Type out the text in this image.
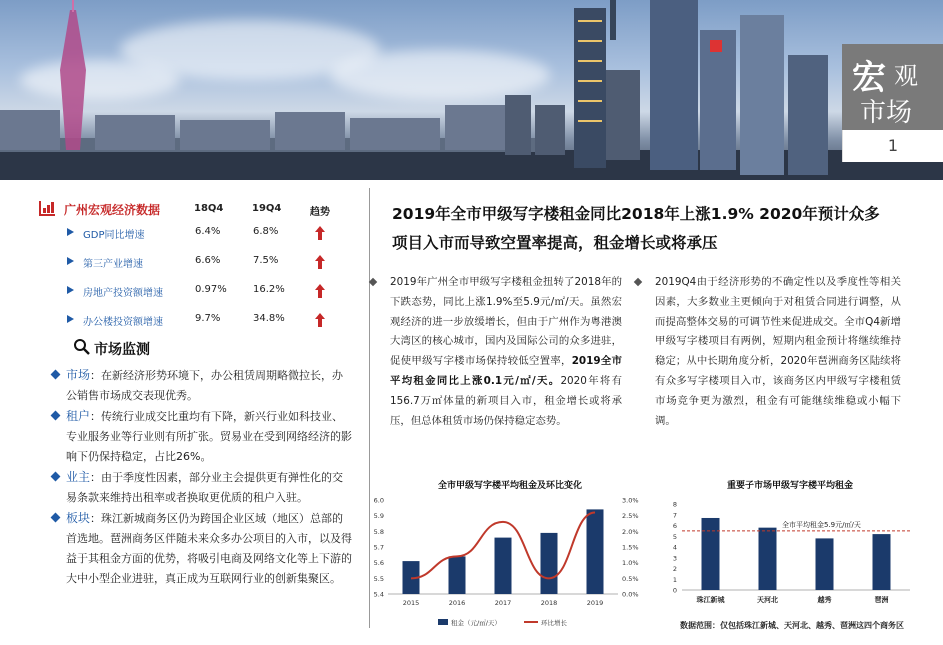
宏 观
市场
1
广州宏观经济数据	18Q4	19Q4	趋势
GDP同比增速	6.4%	6.8%
第三产业增速	6.6%	7.5%
房地产投资额增速	0.97%	16.2%
办公楼投资额增速	9.7%	34.8%
市场监测
市场：在新经济形势环境下，办公租赁周期略微拉长，办公销售市场成交表现优秀。
租户：传统行业成交比重均有下降，新兴行业如科技业、专业服务业等行业则有所扩张。贸易业在受到网络经济的影响下仍保持稳定，占比26%。
业主：由于季度性因素，部分业主会提供更有弹性化的交易条款来维持出租率或者换取更优质的租户入驻。
板块：珠江新城商务区仍为跨国企业区域（地区）总部的首选地。琶洲商务区伴随未来众多办公项目的入市，以及得益于其租金方面的优势，将吸引电商及网络文化等上下游的大中小型企业进驻，真正成为互联网行业的创新集聚区。
2019年全市甲级写字楼租金同比2018年上涨1.9% 2020年预计众多项目入市而导致空置率提高，租金增长或将承压
2019年广州全市甲级写字楼租金扭转了2018年的下跌态势，同比上涨1.9%至5.9元/㎡/天。虽然宏观经济的进一步放缓增长，但由于广州作为粤港澳大湾区的核心城市，国内及国际公司的众多进驻，促使甲级写字楼市场保持较低空置率，2019全市平均租金同比上涨0.1元/㎡/天。2020年将有156.7万㎡体量的新项目入市，租金增长或将承压，但总体租赁市场仍保持稳定态势。
2019Q4由于经济形势的不确定性以及季度性等相关因素，大多数业主更倾向于对租赁合同进行调整，从而提高整体交易的可调节性来促进成交。全市Q4新增甲级写字楼项目有两例，短期内租金预计将继续维持稳定；从中长期角度分析，2020年琶洲商务区陆续将有众多写字楼项目入市，该商务区内甲级写字楼租赁市场竞争更为激烈，租金有可能继续维稳或小幅下调。
全市甲级写字楼平均租金及环比变化
5.4
5.5
5.6
5.7
5.8
5.9
6.0
0.0%
0.5%
1.0%
1.5%
2.0%
2.5%
3.0%
2015	2016	2017	2018	2019
租金（元/㎡/天）	环比增长
重要子市场甲级写字楼平均租金
0
1
2
3
4
5
6
7
8
珠江新城	天河北	越秀	琶洲
全市平均租金5.9元/㎡/天
数据范围：仅包括珠江新城、天河北、越秀、琶洲这四个商务区
